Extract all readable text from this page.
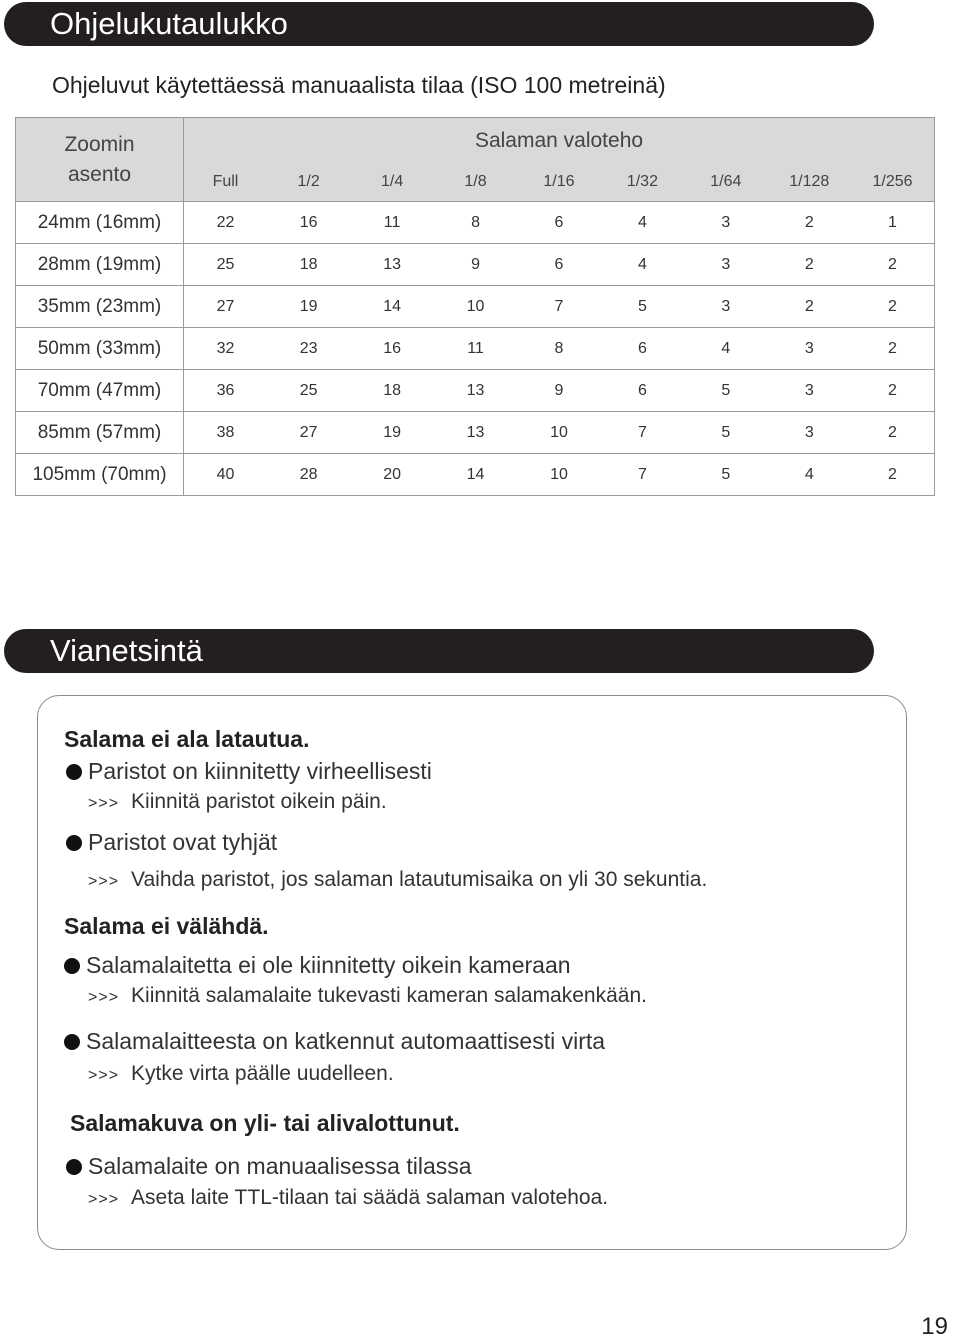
Ohjelukutaulukko
Ohjeluvut käytettäessä manuaalista tilaa (ISO 100 metreinä)
Zoomin
asento	Salaman valoteho								
	Full	1/2	1/4	1/8	1/16	1/32	1/64	1/128	1/256
24mm (16mm)	22	16	11	8	6	4	3	2	1
28mm (19mm)	25	18	13	9	6	4	3	2	2
35mm (23mm)	27	19	14	10	7	5	3	2	2
50mm (33mm)	32	23	16	11	8	6	4	3	2
70mm (47mm)	36	25	18	13	9	6	5	3	2
85mm (57mm)	38	27	19	13	10	7	5	3	2
105mm (70mm)	40	28	20	14	10	7	5	4	2
Vianetsintä
Salama ei ala latautua.
Paristot on kiinnitetty virheellisesti
>>> Kiinnitä paristot oikein päin.
Paristot ovat tyhjät
>>> Vaihda paristot, jos salaman latautumisaika on yli 30 sekuntia.
Salama ei välähdä.
Salamalaitetta ei ole kiinnitetty oikein kameraan
>>> Kiinnitä salamalaite tukevasti kameran salamakenkään.
Salamalaitteesta on katkennut automaattisesti virta
>>> Kytke virta päälle uudelleen.
Salamakuva on yli- tai alivalottunut.
Salamalaite on manuaalisessa tilassa
>>> Aseta laite TTL-tilaan tai säädä salaman valotehoa.
19
